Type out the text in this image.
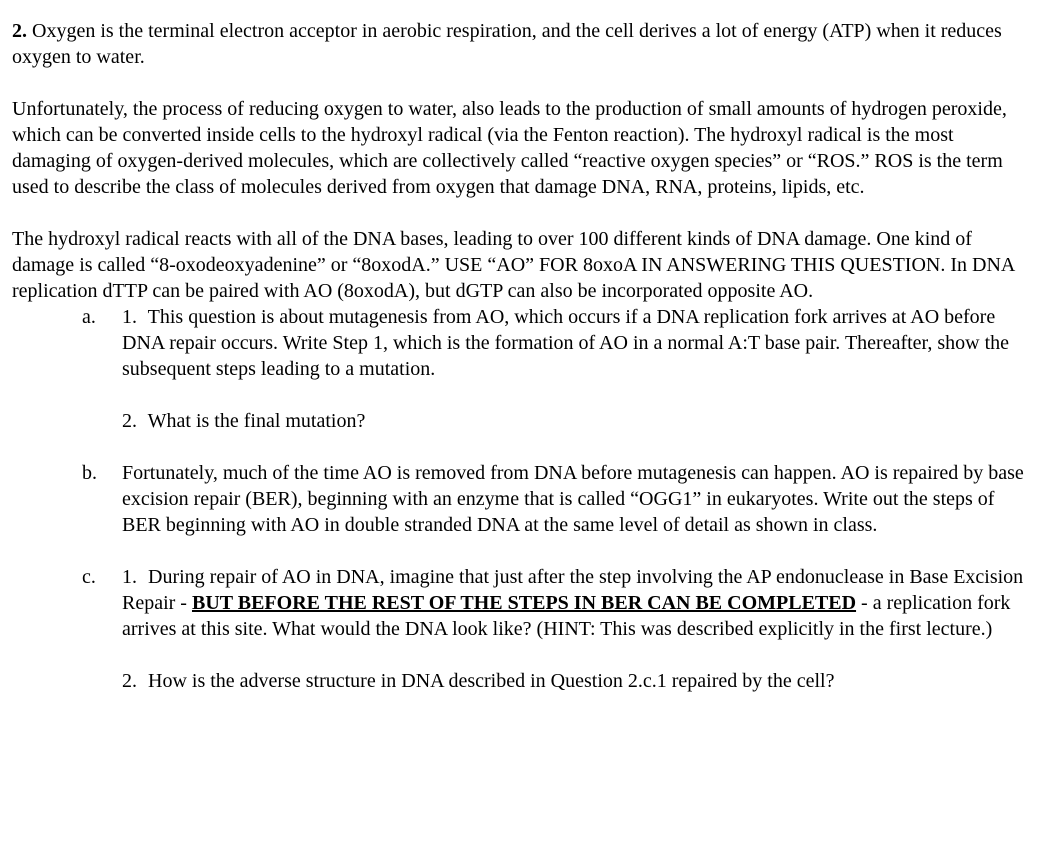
2. Oxygen is the terminal electron acceptor in aerobic respiration, and the cell derives a lot of energy (ATP) when it reduces oxygen to water.

Unfortunately, the process of reducing oxygen to water, also leads to the production of small amounts of hydrogen peroxide, which can be converted inside cells to the hydroxyl radical (via the Fenton reaction). The hydroxyl radical is the most damaging of oxygen-derived molecules, which are collectively called “reactive oxygen species” or “ROS.” ROS is the term used to describe the class of molecules derived from oxygen that damage DNA, RNA, proteins, lipids, etc.

The hydroxyl radical reacts with all of the DNA bases, leading to over 100 different kinds of DNA damage. One kind of damage is called “8-oxodeoxyadenine” or “8oxodA.” USE “AO” FOR 8oxoA IN ANSWERING THIS QUESTION. In DNA replication dTTP can be paired with AO (8oxodA), but dGTP can also be incorporated opposite AO.

a. 1. This question is about mutagenesis from AO, which occurs if a DNA replication fork arrives at AO before DNA repair occurs. Write Step 1, which is the formation of AO in a normal A:T base pair. Thereafter, show the subsequent steps leading to a mutation.

2. What is the final mutation?

b. Fortunately, much of the time AO is removed from DNA before mutagenesis can happen. AO is repaired by base excision repair (BER), beginning with an enzyme that is called “OGG1” in eukaryotes. Write out the steps of BER beginning with AO in double stranded DNA at the same level of detail as shown in class.

c. 1. During repair of AO in DNA, imagine that just after the step involving the AP endonuclease in Base Excision Repair - BUT BEFORE THE REST OF THE STEPS IN BER CAN BE COMPLETED - a replication fork arrives at this site. What would the DNA look like? (HINT: This was described explicitly in the first lecture.)

2. How is the adverse structure in DNA described in Question 2.c.1 repaired by the cell?
